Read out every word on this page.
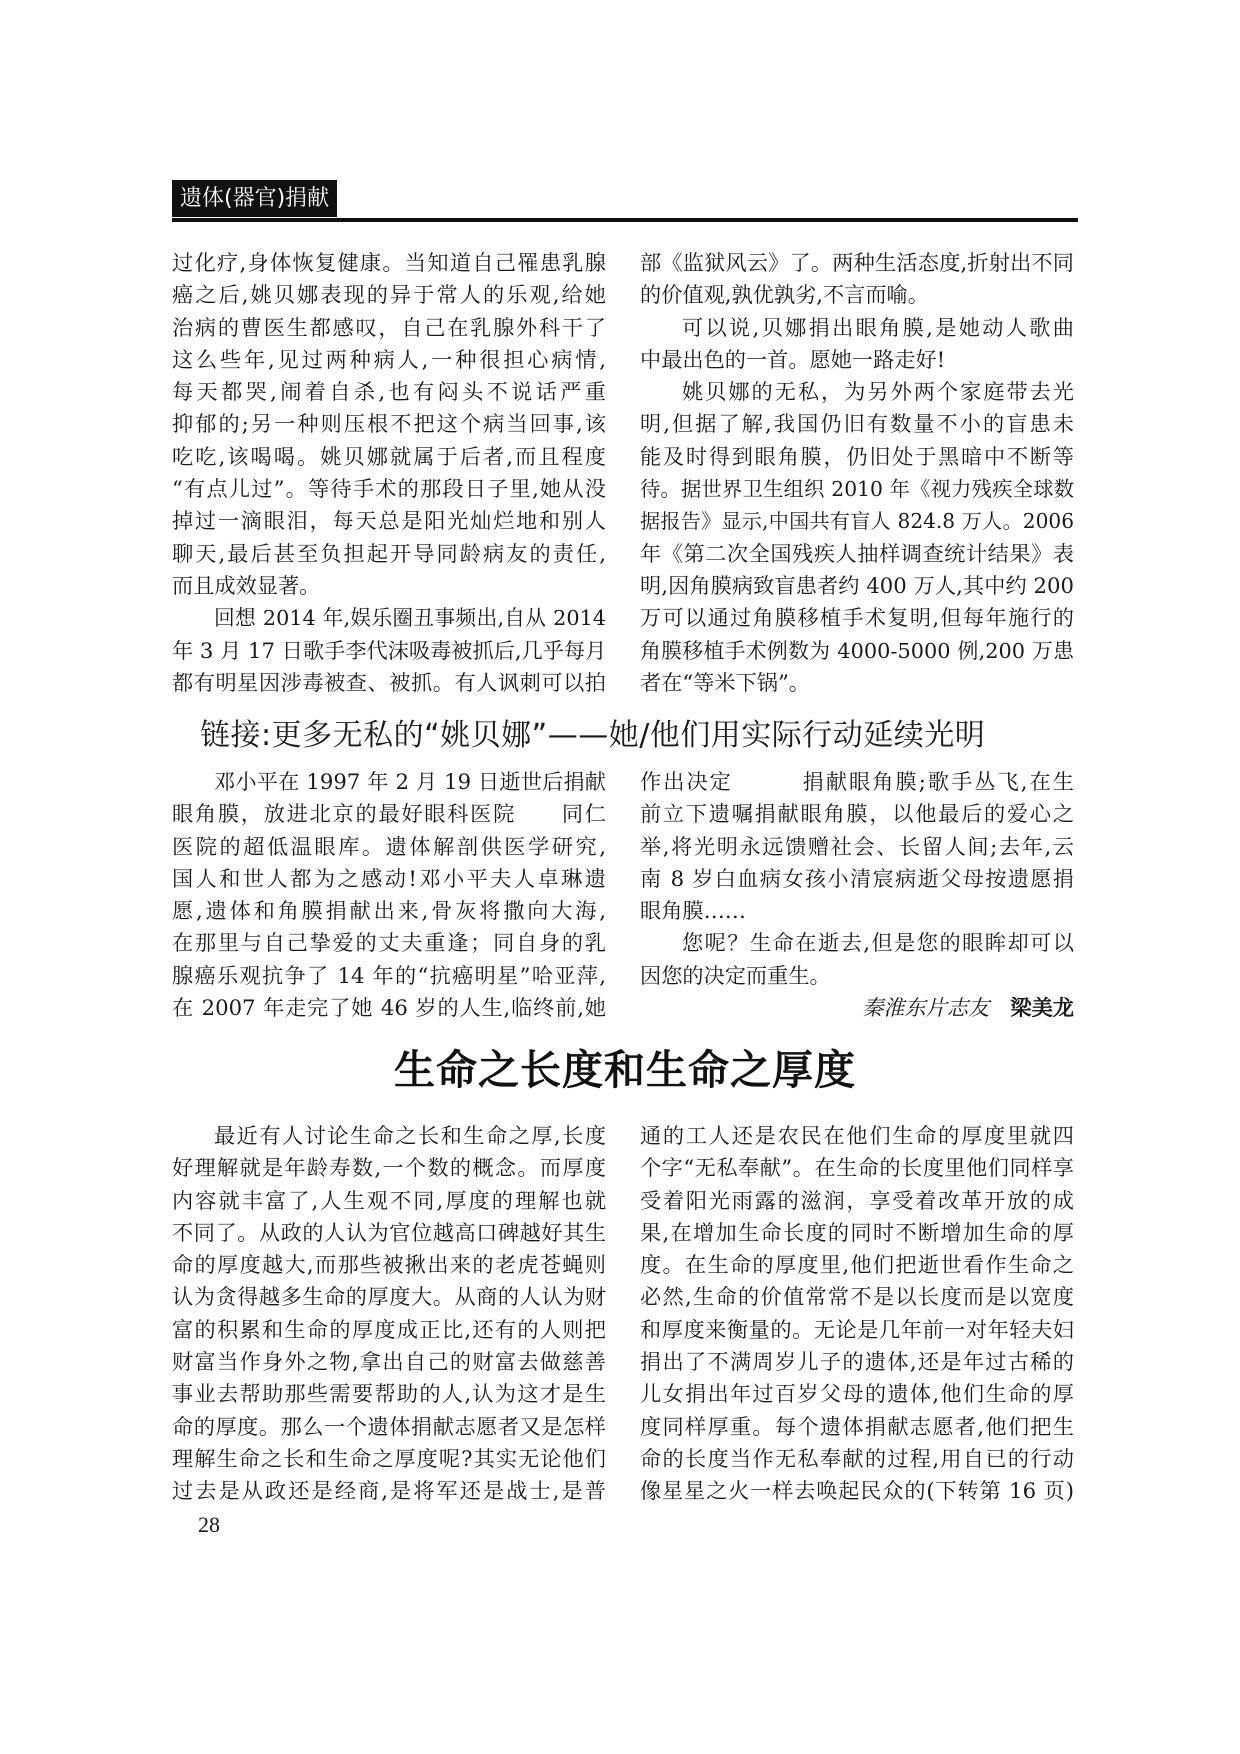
遗体(器官)捐献
过化疗,身体恢复健康。当知道自己罹患乳腺
癌之后,姚贝娜表现的异于常人的乐观,给她
治病的曹医生都感叹，自己在乳腺外科干了
这么些年,见过两种病人,一种很担心病情,
每天都哭,闹着自杀,也有闷头不说话严重
抑郁的;另一种则压根不把这个病当回事,该
吃吃,该喝喝。姚贝娜就属于后者,而且程度
“有点儿过”。等待手术的那段日子里,她从没
掉过一滴眼泪，每天总是阳光灿烂地和别人
聊天,最后甚至负担起开导同龄病友的责任,
而且成效显著。
回想 2014 年,娱乐圈丑事频出,自从 2014
年 3 月 17 日歌手李代沫吸毒被抓后,几乎每月
都有明星因涉毒被查、被抓。有人讽刺可以拍
部《监狱风云》了。两种生活态度,折射出不同
的价值观,孰优孰劣,不言而喻。
可以说,贝娜捐出眼角膜,是她动人歌曲
中最出色的一首。愿她一路走好!
姚贝娜的无私，为另外两个家庭带去光
明,但据了解,我国仍旧有数量不小的盲患未
能及时得到眼角膜，仍旧处于黑暗中不断等
待。据世界卫生组织 2010 年《视力残疾全球数
据报告》显示,中国共有盲人 824.8 万人。2006
年《第二次全国残疾人抽样调查统计结果》表
明,因角膜病致盲患者约 400 万人,其中约 200
万可以通过角膜移植手术复明,但每年施行的
角膜移植手术例数为 4000-5000 例,200 万患
者在“等米下锅”。
链接:更多无私的“姚贝娜”——她/他们用实际行动延续光明
邓小平在 1997 年 2 月 19 日逝世后捐献
眼角膜，放进北京的最好眼科医院　　同仁
医院的超低温眼库。遗体解剖供医学研究,
国人和世人都为之感动!邓小平夫人卓琳遗
愿,遗体和角膜捐献出来,骨灰将撒向大海,
在那里与自己挚爱的丈夫重逢；同自身的乳
腺癌乐观抗争了 14 年的“抗癌明星”哈亚萍,
在 2007 年走完了她 46 岁的人生,临终前,她
作出决定　　　捐献眼角膜;歌手丛飞,在生
前立下遗嘱捐献眼角膜，以他最后的爱心之
举,将光明永远馈赠社会、长留人间;去年,云
南 8 岁白血病女孩小清宸病逝父母按遗愿捐
眼角膜……
您呢？生命在逝去,但是您的眼眸却可以
因您的决定而重生。
秦淮东片志友　 梁美龙
生命之长度和生命之厚度
最近有人讨论生命之长和生命之厚,长度
好理解就是年龄寿数,一个数的概念。而厚度
内容就丰富了,人生观不同,厚度的理解也就
不同了。从政的人认为官位越高口碑越好其生
命的厚度越大,而那些被揪出来的老虎苍蝇则
认为贪得越多生命的厚度大。从商的人认为财
富的积累和生命的厚度成正比,还有的人则把
财富当作身外之物,拿出自己的财富去做慈善
事业去帮助那些需要帮助的人,认为这才是生
命的厚度。那么一个遗体捐献志愿者又是怎样
理解生命之长和生命之厚度呢?其实无论他们
过去是从政还是经商,是将军还是战士,是普
通的工人还是农民在他们生命的厚度里就四
个字“无私奉献”。在生命的长度里他们同样享
受着阳光雨露的滋润，享受着改革开放的成
果,在增加生命长度的同时不断增加生命的厚
度。在生命的厚度里,他们把逝世看作生命之
必然,生命的价值常常不是以长度而是以宽度
和厚度来衡量的。无论是几年前一对年轻夫妇
捐出了不满周岁儿子的遗体,还是年过古稀的
儿女捐出年过百岁父母的遗体,他们生命的厚
度同样厚重。每个遗体捐献志愿者,他们把生
命的长度当作无私奉献的过程,用自已的行动
像星星之火一样去唤起民众的(下转第 16 页)
28
